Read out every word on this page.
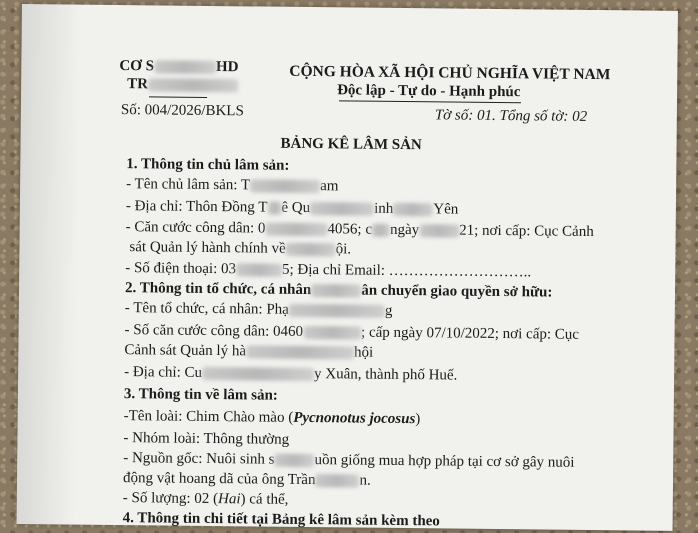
CƠ S	HD
TR
Số: 004/2026/BKLS
CỘNG HÒA XÃ HỘI CHỦ NGHĨA VIỆT NAM
Độc lập - Tự do - Hạnh phúc
Tờ số: 01. Tổng số tờ: 02
BẢNG KÊ LÂM SẢN
1. Thông tin chủ lâm sản:
- Tên chủ lâm sản: T	am
- Địa chỉ: Thôn Đồng T ê Qu	inh	Yên
- Căn cước công dân: 0	4056; c ngày	21; nơi cấp: Cục Cảnh
sát Quản lý hành chính về	ội.
- Số điện thoại: 03	5; Địa chỉ Email: ………………………..
2. Thông tin tổ chức, cá nhân	ân chuyển giao quyền sở hữu:
- Tên tổ chức, cá nhân: Phạ	g
- Số căn cước công dân: 0460	; cấp ngày 07/10/2022; nơi cấp: Cục
Cảnh sát Quản lý hà	hội
- Địa chỉ: Cu	y Xuân, thành phố Huế.
3. Thông tin về lâm sản:
-Tên loài: Chim Chào mào (Pycnonotus jocosus)
- Nhóm loài: Thông thường
- Nguồn gốc: Nuôi sinh s	uồn giống mua hợp pháp tại cơ sở gây nuôi
động vật hoang dã của ông Trần	n.
- Số lượng: 02 (Hai) cá thể,
4. Thông tin chi tiết tại Bảng kê lâm sản kèm theo
